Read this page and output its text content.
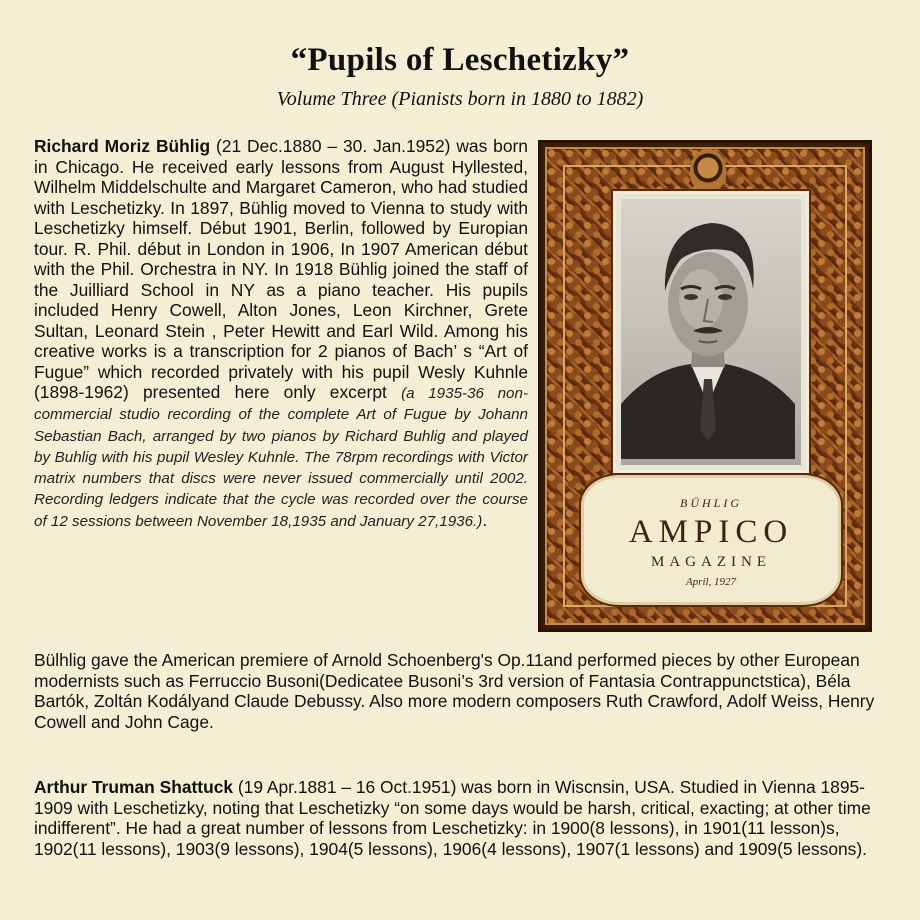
“Pupils of Leschetizky”
Volume Three (Pianists born in 1880 to 1882)
Richard Moriz Bühlig (21 Dec.1880 – 30. Jan.1952) was born in Chicago. He received early lessons from August Hyllested, Wilhelm Middelschulte and Margaret Cameron, who had studied with Leschetizky. In 1897, Bühlig moved to Vienna to study with Leschetizky himself. Début 1901, Berlin, followed by Europian tour. R. Phil. début in London in 1906, In 1907 American début with the Phil. Orchestra in NY. In 1918 Bühlig joined the staff of the Juilliard School in NY as a piano teacher. His pupils included Henry Cowell, Alton Jones, Leon Kirchner, Grete Sultan, Leonard Stein , Peter Hewitt and Earl Wild. Among his creative works is a transcription for 2 pianos of Bach’ s “Art of Fugue” which recorded privately with his pupil Wesly Kuhnle (1898-1962) presented here only excerpt (a 1935-36 non-commercial studio recording of the complete Art of Fugue by Johann Sebastian Bach, arranged by two pianos by Richard Buhlig and played by Buhlig with his pupil Wesley Kuhnle. The 78rpm recordings with Victor matrix numbers that discs were never issued commercially until 2002. Recording ledgers indicate that the cycle was recorded over the course of 12 sessions between November 18,1935 and January 27,1936.).
BÜHLIG
AMPICO
MAGAZINE
April, 1927
Bülhlig gave the American premiere of Arnold Schoenberg's Op.11and performed pieces by other European modernists such as Ferruccio Busoni(Dedicatee Busoni’s 3rd version of Fantasia Contrappunctstica), Béla Bartók, Zoltán Kodályand Claude Debussy. Also more modern composers Ruth Crawford, Adolf Weiss, Henry Cowell and John Cage.
Arthur Truman Shattuck (19 Apr.1881 – 16 Oct.1951) was born in Wiscnsin, USA. Studied in Vienna 1895-1909 with Leschetizky, noting that Leschetizky “on some days would be harsh, critical, exacting; at other time indifferent”. He had a great number of lessons from Leschetizky: in 1900(8 lessons), in 1901(11 lesson)s, 1902(11 lessons), 1903(9 lessons), 1904(5 lessons), 1906(4 lessons), 1907(1 lessons) and 1909(5 lessons).
